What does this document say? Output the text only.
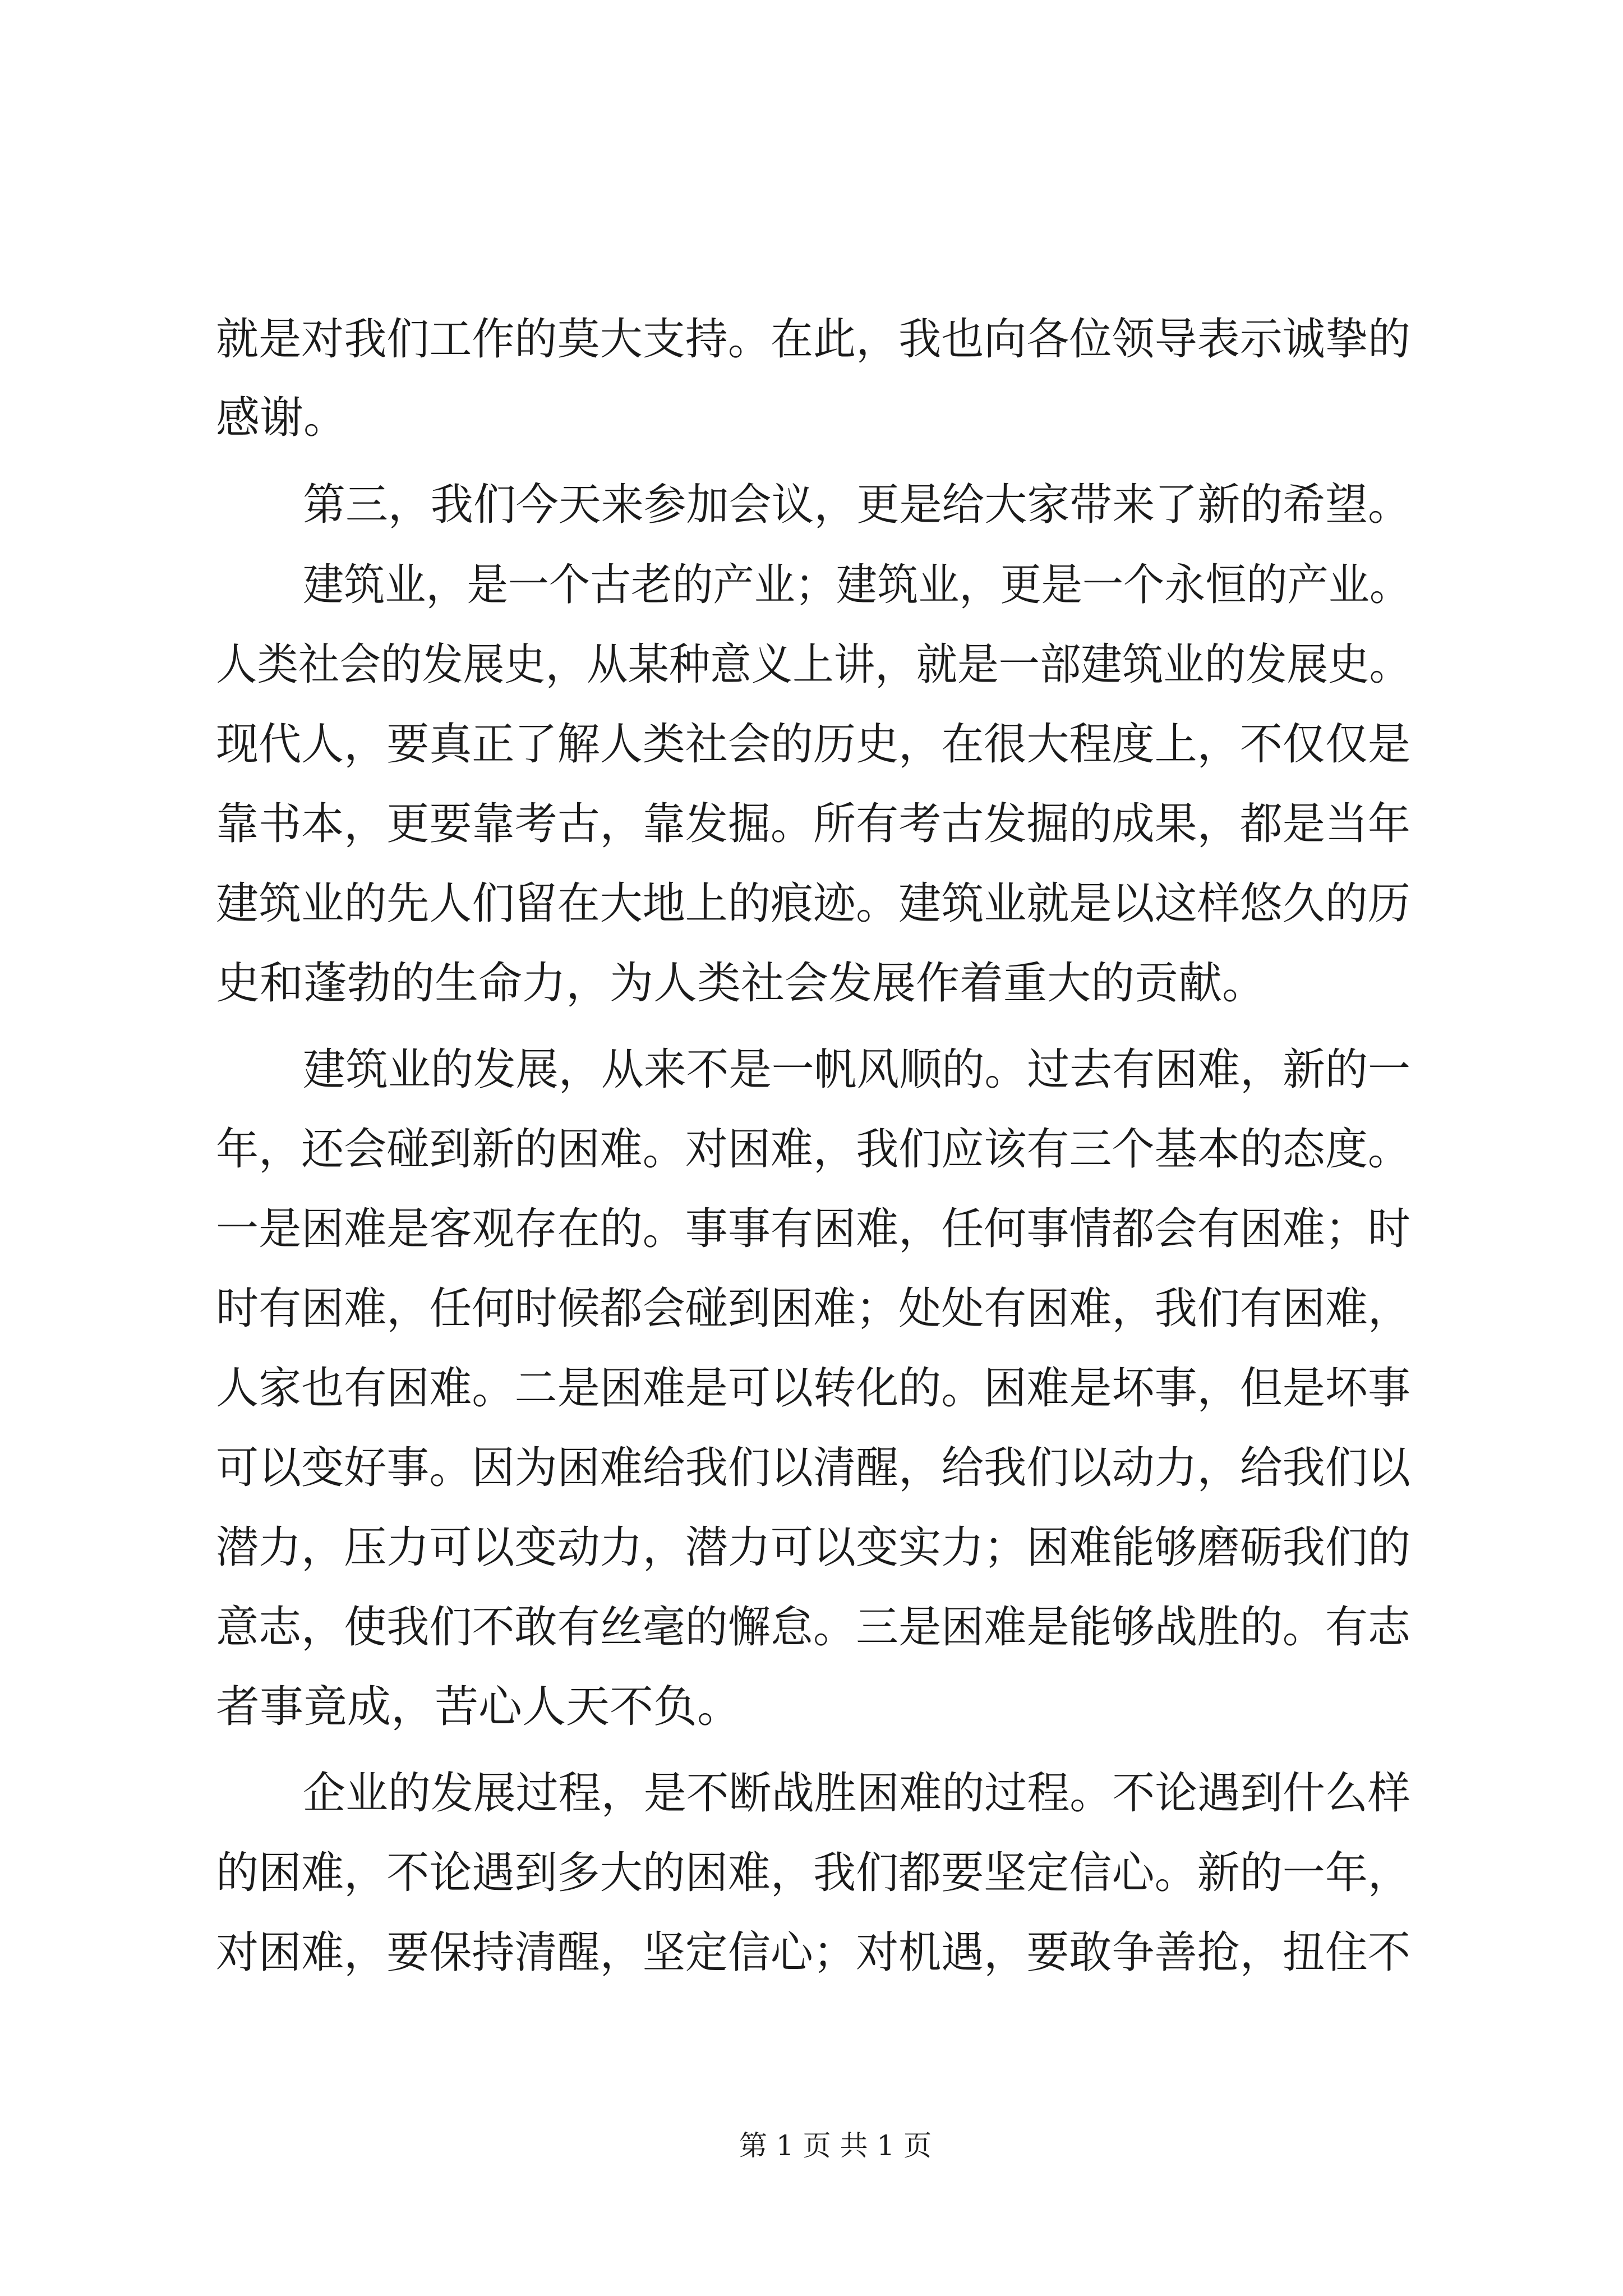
就是对我们工作的莫大支持。在此，我也向各位领导表示诚挚的
感谢。
第三，我们今天来参加会议，更是给大家带来了新的希望。
建筑业，是一个古老的产业；建筑业，更是一个永恒的产业。
人类社会的发展史，从某种意义上讲，就是一部建筑业的发展史。
现代人，要真正了解人类社会的历史，在很大程度上，不仅仅是
靠书本，更要靠考古，靠发掘。所有考古发掘的成果，都是当年
建筑业的先人们留在大地上的痕迹。建筑业就是以这样悠久的历
史和蓬勃的生命力，为人类社会发展作着重大的贡献。
建筑业的发展，从来不是一帆风顺的。过去有困难，新的一
年，还会碰到新的困难。对困难，我们应该有三个基本的态度。
一是困难是客观存在的。事事有困难，任何事情都会有困难；时
时有困难，任何时候都会碰到困难；处处有困难，我们有困难，
人家也有困难。二是困难是可以转化的。困难是坏事，但是坏事
可以变好事。因为困难给我们以清醒，给我们以动力，给我们以
潜力，压力可以变动力，潜力可以变实力；困难能够磨砺我们的
意志，使我们不敢有丝毫的懈怠。三是困难是能够战胜的。有志
者事竟成，苦心人天不负。
企业的发展过程，是不断战胜困难的过程。不论遇到什么样
的困难，不论遇到多大的困难，我们都要坚定信心。新的一年，
对困难，要保持清醒，坚定信心；对机遇，要敢争善抢，扭住不
第 1 页 共 1 页
